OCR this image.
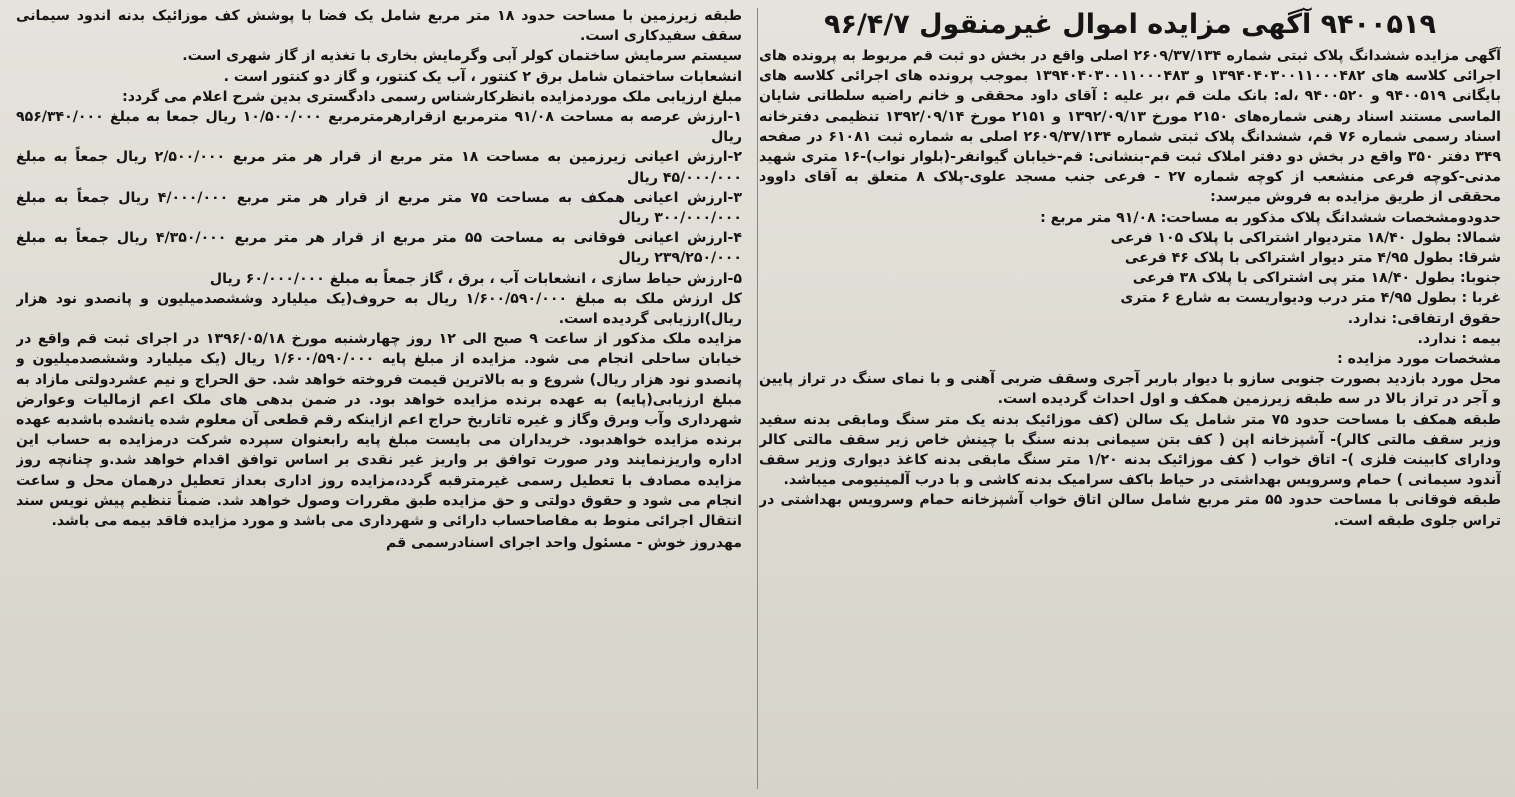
۹۴۰۰۵۱۹ آگهی مزایده اموال غیرمنقول ۹۶/۴/۷

آگهی مزایده ششدانگ پلاک ثبتی شماره ۲۶۰۹/۳۷/۱۳۴ اصلی واقع در بخش دو ثبت قم مربوط به پرونده های اجرائی کلاسه های ۱۳۹۴۰۴۰۳۰۰۱۱۰۰۰۴۸۲ و ۱۳۹۴۰۴۰۳۰۰۱۱۰۰۰۴۸۳ بموجب پرونده های اجرائی کلاسه های بایگانی ۹۴۰۰۵۱۹ و ۹۴۰۰۵۲۰ ،له: بانک ملت قم ،بر علیه : آقای داود محققی و خانم راضیه سلطانی شایان الماسی مستند اسناد رهنی شماره‌های ۲۱۵۰ مورخ ۱۳۹۲/۰۹/۱۳ و ۲۱۵۱ مورخ ۱۳۹۲/۰۹/۱۴ تنظیمی دفترخانه اسناد رسمی شماره ۷۶ قم، ششدانگ پلاک ثبتی شماره ۲۶۰۹/۳۷/۱۳۴ اصلی به شماره ثبت ۶۱۰۸۱ در صفحه ۳۴۹ دفتر ۳۵۰ واقع در بخش دو دفتر املاک ثبت قم-بنشانی: قم-خیابان گیوانفر-(بلوار نواب)-۱۶ متری شهید مدنی-کوچه فرعی منشعب از کوچه شماره ۲۷ - فرعی جنب مسجد علوی-پلاک ۸ متعلق به آقای داوود محققی از طریق مزایده به فروش میرسد:

حدودومشخصات ششدانگ پلاک مذکور به مساحت: ۹۱/۰۸ متر مربع :

شمالا: بطول ۱۸/۴۰ متردیوار اشتراکی با پلاک ۱۰۵ فرعی

شرقا: بطول ۴/۹۵ متر دیوار اشتراکی با پلاک ۴۶ فرعی

جنوبا: بطول ۱۸/۴۰ متر پی اشتراکی با پلاک ۳۸ فرعی

غربا : بطول ۴/۹۵ متر درب ودیواریست به شارع ۶ متری

حقوق ارتفاقی: ندارد.

بیمه : ندارد.

مشخصات مورد مزایده :

محل مورد بازدید بصورت جنوبی سازو با دیوار باربر آجری وسقف ضربی آهنی و با نمای سنگ در تراز پایین و آجر در تراز بالا در سه طبقه زیرزمین همکف و اول احداث گردیده است.

طبقه همکف با مساحت حدود ۷۵ متر شامل یک سالن (کف موزائیک بدنه یک متر سنگ ومابقی بدنه سفید وزیر سقف مالتی کالر)- آشپزخانه اپن ( کف بتن سیمانی بدنه سنگ با چینش خاص زیر سقف مالتی کالر ودارای کابینت فلزی )- اتاق خواب ( کف موزائیک بدنه ۱/۲۰ متر سنگ مابقی بدنه کاغذ دیواری وزیر سقف آندود سیمانی ) حمام وسرویس بهداشتی در حیاط باکف سرامیک بدنه کاشی و با درب آلمینیومی میباشد.

طبقه فوقانی با مساحت حدود ۵۵ متر مربع شامل سالن اتاق خواب آشپزخانه حمام وسرویس بهداشتی در تراس جلوی طبقه است.

طبقه زیرزمین با مساحت حدود ۱۸ متر مربع شامل یک فضا با پوشش کف موزائیک بدنه اندود سیمانی سقف سفیدکاری است.

سیستم سرمایش ساختمان کولر آبی وگرمایش بخاری با تغذیه از گاز شهری است.

انشعابات ساختمان شامل برق ۲ کنتور ، آب یک کنتور، و گاز دو کنتور است .

مبلغ ارزیابی ملک موردمزایده بانظرکارشناس رسمی دادگستری بدین شرح اعلام می گردد:

۱-ارزش عرصه به مساحت ۹۱/۰۸ مترمربع ازقرارهرمترمربع ۱۰/۵۰۰/۰۰۰ ریال جمعا به مبلغ ۹۵۶/۳۴۰/۰۰۰ ریال

۲-ارزش اعیانی زیرزمین به مساحت ۱۸ متر مربع از قرار هر متر مربع ۲/۵۰۰/۰۰۰ ریال جمعاً به مبلغ ۴۵/۰۰۰/۰۰۰ ریال

۳-ارزش اعیانی همکف به مساحت ۷۵ متر مربع از قرار هر متر مربع ۴/۰۰۰/۰۰۰ ریال جمعاً به مبلغ ۳۰۰/۰۰۰/۰۰۰ ریال

۴-ارزش اعیانی فوقانی به مساحت ۵۵ متر مربع از قرار هر متر مربع ۴/۳۵۰/۰۰۰ ریال جمعاً به مبلغ ۲۳۹/۲۵۰/۰۰۰ ریال

۵-ارزش حیاط سازی ، انشعابات آب ، برق ، گاز جمعاً به مبلغ ۶۰/۰۰۰/۰۰۰ ریال

کل ارزش ملک به مبلغ ۱/۶۰۰/۵۹۰/۰۰۰ ریال به حروف(یک میلیارد وششصدمیلیون و پانصدو نود هزار ریال)ارزیابی گردیده است.

مزایده ملک مذکور از ساعت ۹ صبح الی ۱۲ روز چهارشنبه مورخ ۱۳۹۶/۰۵/۱۸ در اجرای ثبت قم واقع در خیابان ساحلی انجام می شود. مزایده از مبلغ پایه ۱/۶۰۰/۵۹۰/۰۰۰ ریال (یک میلیارد وششصدمیلیون و پانصدو نود هزار ریال) شروع و به بالاترین قیمت فروخته خواهد شد. حق الحراج و نیم عشردولتی مازاد به مبلغ ارزیابی(پایه) به عهده برنده مزایده خواهد بود. در ضمن بدهی های ملک اعم ازمالیات وعوارض شهرداری وآب وبرق وگاز و غیره تاتاریخ حراج اعم ازاینکه رقم قطعی آن معلوم شده یانشده باشدبه عهده برنده مزایده خواهدبود. خریداران می بایست مبلغ پایه رابعنوان سپرده شرکت درمزایده به حساب این اداره واریزنمایند ودر صورت توافق بر واریز غیر نقدی بر اساس توافق اقدام خواهد شد.و چنانچه روز مزایده مصادف با تعطیل رسمی غیرمترقبه گردد،مزایده روز اداری بعداز تعطیل درهمان محل و ساعت انجام می شود و حقوق دولتی و حق مزایده طبق مقررات وصول خواهد شد. ضمناً تنظیم پیش نویس سند انتقال اجرائی منوط به مفاصاحساب دارائی و شهرداری می باشد و مورد مزایده فاقد بیمه می باشد.

مهدروز خوش - مسئول واحد اجرای اسنادرسمی قم
